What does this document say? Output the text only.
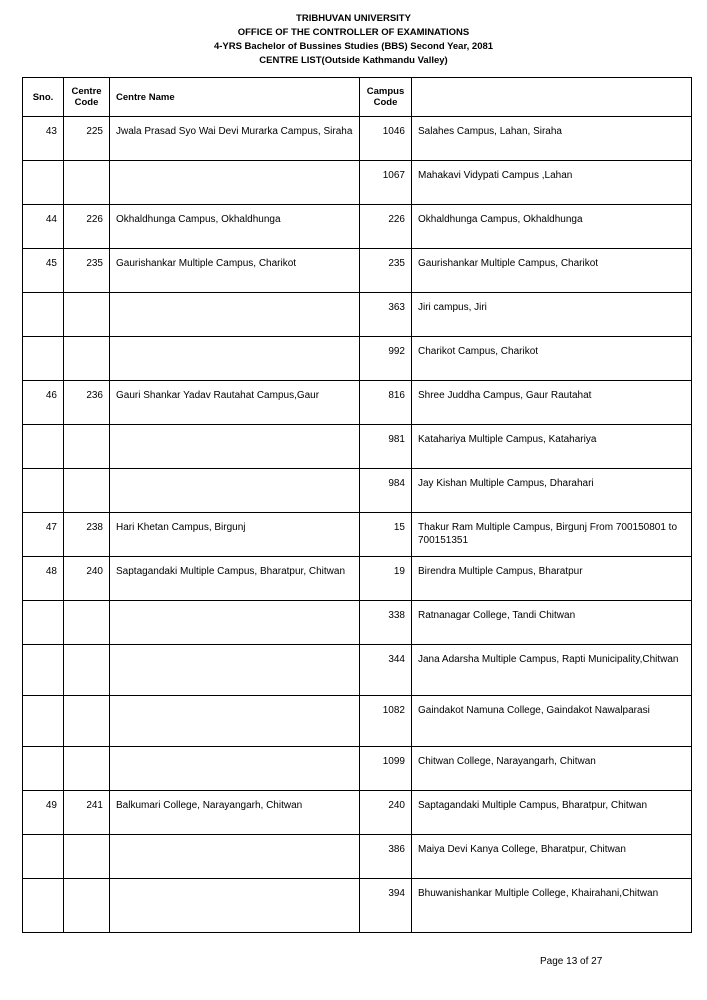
TRIBHUVAN UNIVERSITY
OFFICE OF THE CONTROLLER OF EXAMINATIONS
4-YRS Bachelor of Bussines Studies (BBS) Second Year, 2081
CENTRE LIST(Outside Kathmandu Valley)
Sno.	Centre Code	Centre Name	Campus Code	
43	225	Jwala Prasad Syo Wai Devi Murarka Campus, Siraha	1046	Salahes Campus, Lahan, Siraha
			1067	Mahakavi Vidypati Campus ,Lahan
44	226	Okhaldhunga Campus, Okhaldhunga	226	Okhaldhunga Campus, Okhaldhunga
45	235	Gaurishankar Multiple Campus, Charikot	235	Gaurishankar Multiple Campus, Charikot
			363	Jiri campus, Jiri
			992	Charikot Campus, Charikot
46	236	Gauri Shankar Yadav Rautahat Campus,Gaur	816	Shree Juddha Campus, Gaur Rautahat
			981	Katahariya Multiple Campus, Katahariya
			984	Jay Kishan Multiple Campus, Dharahari
47	238	Hari Khetan Campus, Birgunj	15	Thakur Ram Multiple Campus, Birgunj From 700150801 to 700151351
48	240	Saptagandaki Multiple Campus, Bharatpur, Chitwan	19	Birendra Multiple Campus, Bharatpur
			338	Ratnanagar College, Tandi Chitwan
			344	Jana Adarsha Multiple Campus, Rapti Municipality,Chitwan
			1082	Gaindakot Namuna College, Gaindakot Nawalparasi
			1099	Chitwan College, Narayangarh, Chitwan
49	241	Balkumari College, Narayangarh, Chitwan	240	Saptagandaki Multiple Campus, Bharatpur, Chitwan
			386	Maiya Devi Kanya College, Bharatpur, Chitwan
			394	Bhuwanishankar Multiple College, Khairahani,Chitwan
Page 13 of 27
